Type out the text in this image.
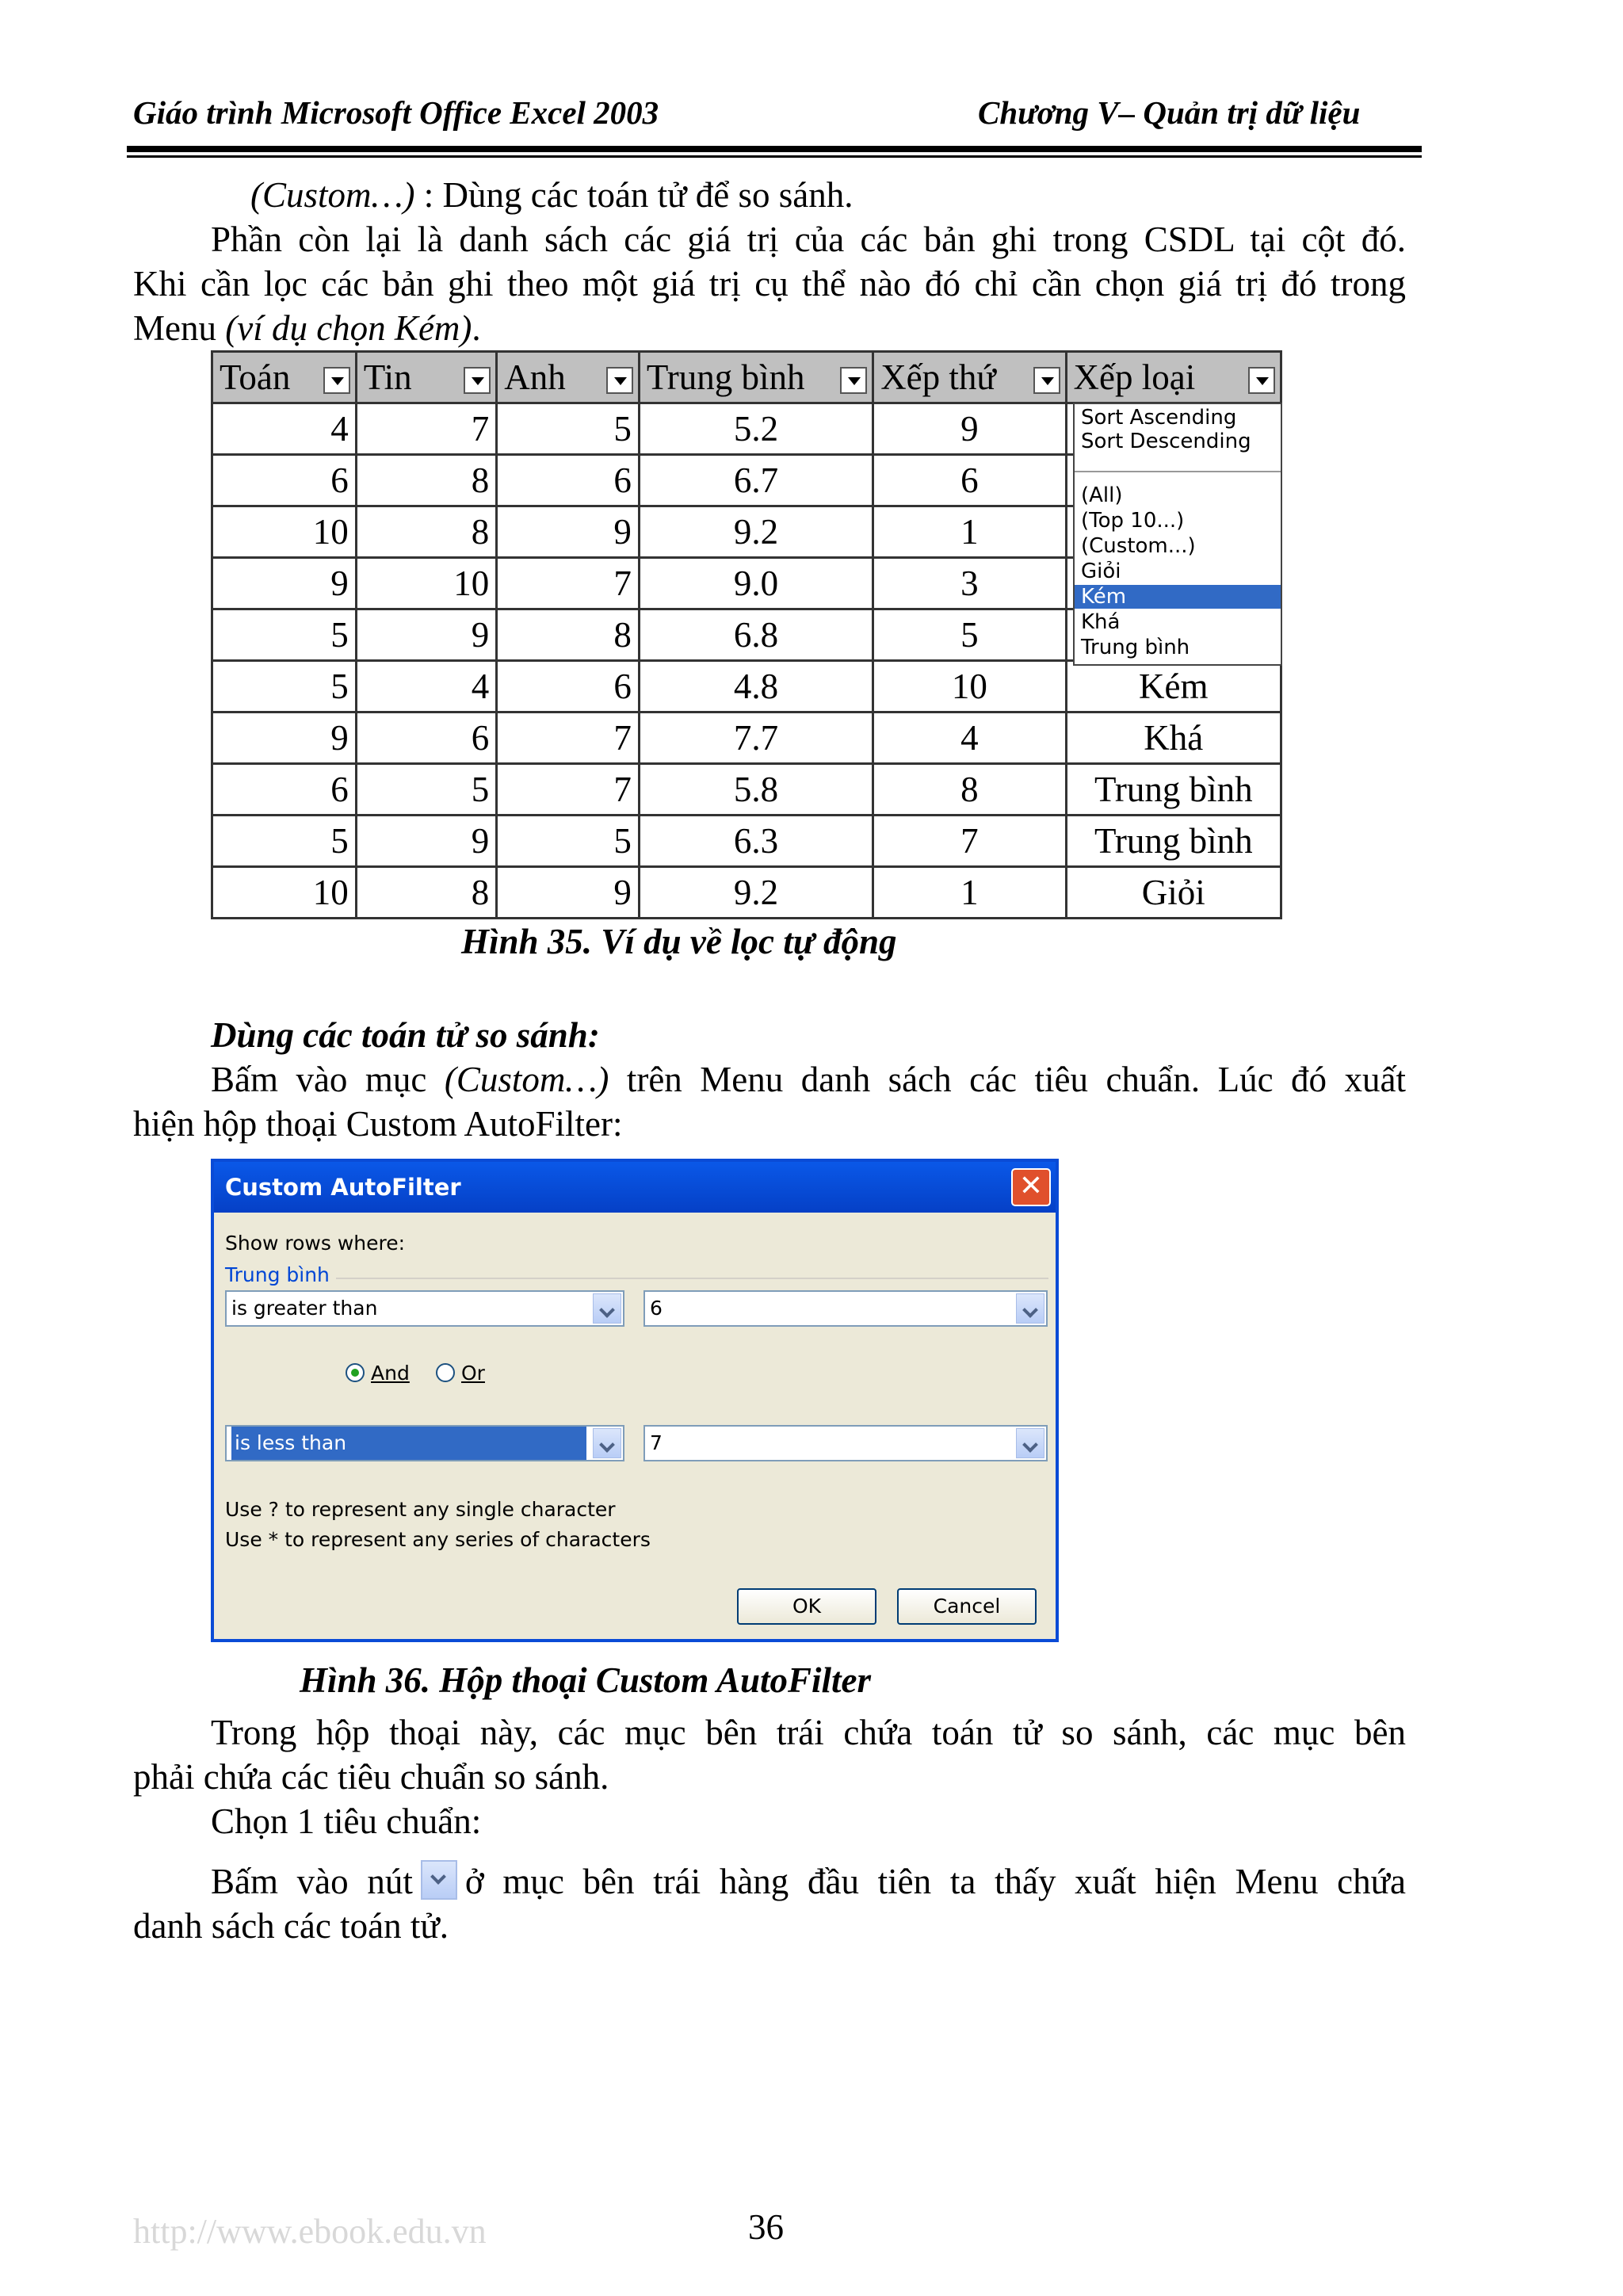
Giáo trình Microsoft Office Excel 2003	Chương V– Quản trị dữ liệu
(Custom…) : Dùng các toán tử để so sánh.
Phần còn lại là danh sách các giá trị của các bản ghi trong CSDL tại cột đó.
Khi cần lọc các bản ghi theo một giá trị cụ thể nào đó chỉ cần chọn giá trị đó trong
Menu (ví dụ chọn Kém).
Toán	Tin	Anh	Trung bình	Xếp thứ	Xếp loại

4	7	5	5.2	9	
6	8	6	6.7	6	
10	8	9	9.2	1	
9	10	7	9.0	3	
5	9	8	6.8	5	
5	4	6	4.8	10	Kém
9	6	7	7.7	4	Khá
6	5	7	5.8	8	Trung bình
5	9	5	6.3	7	Trung bình
10	8	9	9.2	1	Giỏi
Sort Ascending
Sort Descending
(All)
(Top 10...)
(Custom...)
Giỏi
Kém
Khá
Trung bình
Hình 35. Ví dụ về lọc tự động
Dùng các toán tử so sánh:
Bấm vào mục (Custom…) trên Menu danh sách các tiêu chuẩn. Lúc đó xuất
hiện hộp thoại Custom AutoFilter:
Custom AutoFilter	✕
Show rows where:
Trung bình
is greater than	6
And	Or
is less than	7
Use ? to represent any single character
Use * to represent any series of characters
OK	Cancel
Hình 36. Hộp thoại Custom AutoFilter
Trong hộp thoại này, các mục bên trái chứa toán tử so sánh, các mục bên
phải chứa các tiêu chuẩn so sánh.
Chọn 1 tiêu chuẩn:
Bấm vào nút ở mục bên trái hàng đầu tiên ta thấy xuất hiện Menu chứa
danh sách các toán tử.
http://www.ebook.edu.vn	36
